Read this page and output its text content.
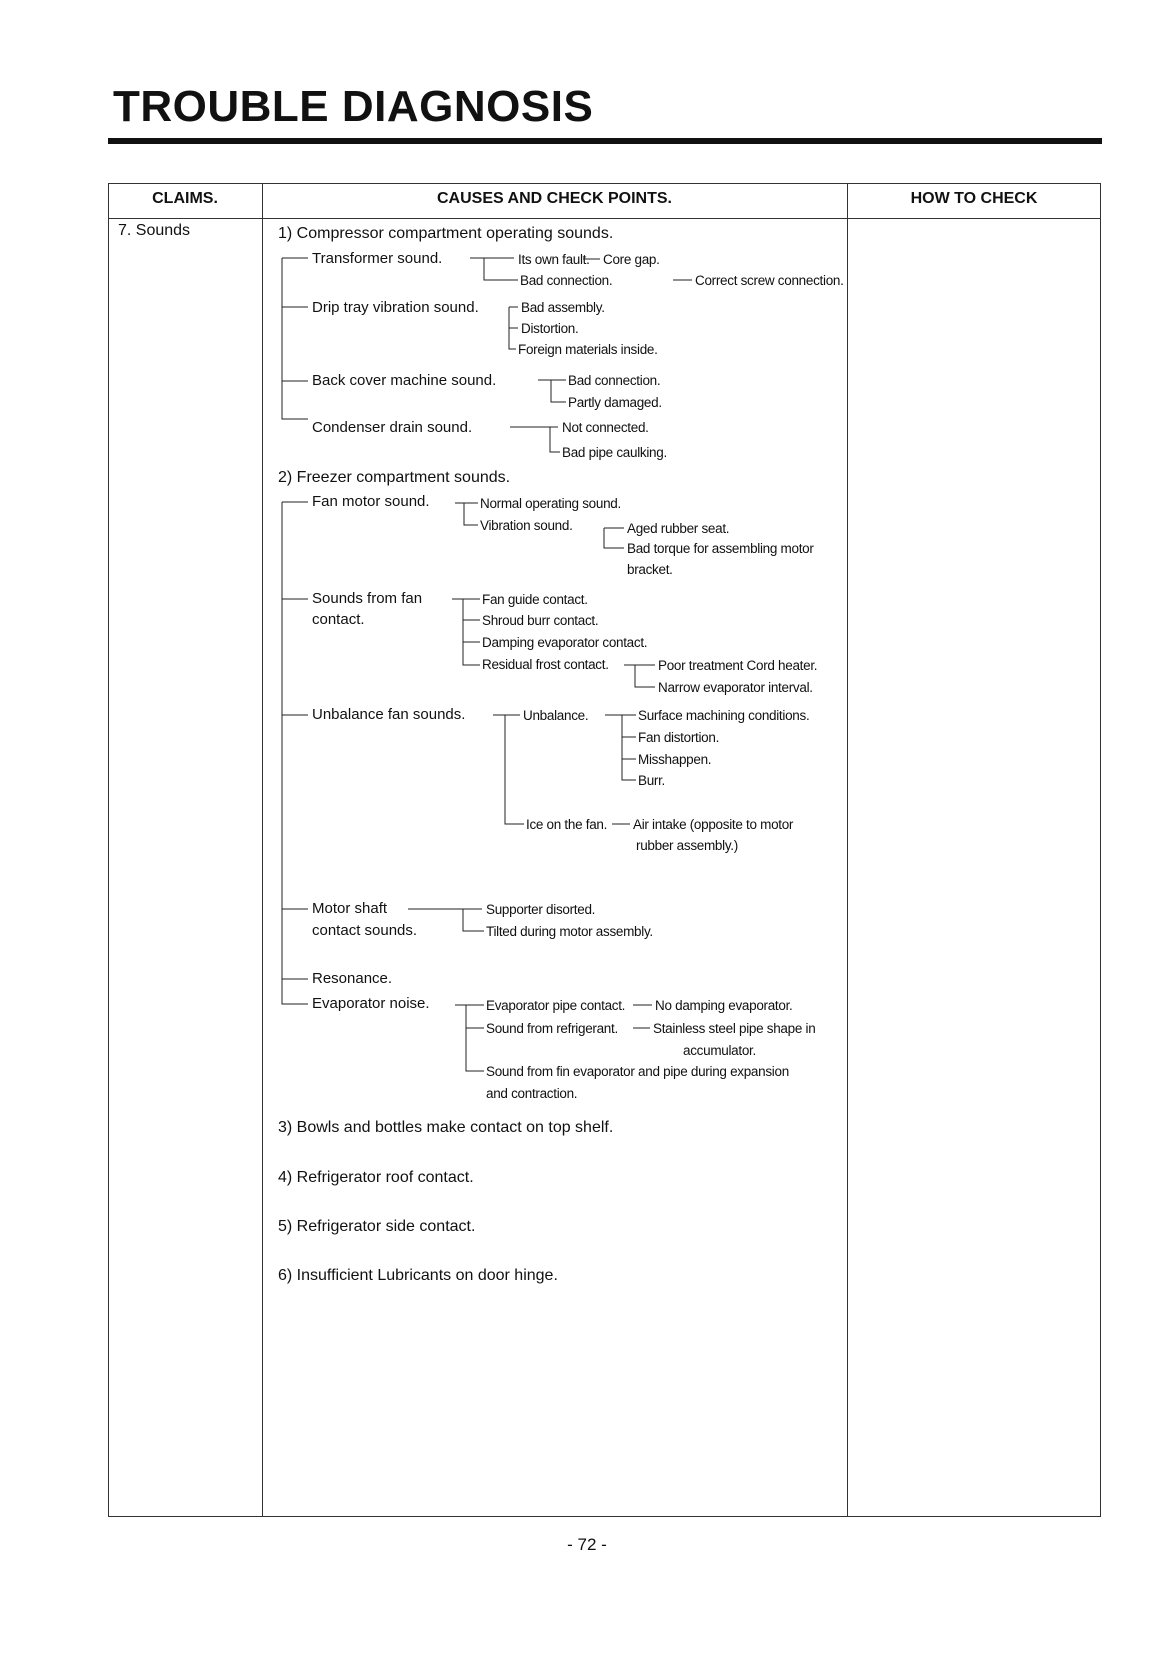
TROUBLE DIAGNOSIS
CLAIMS.	CAUSES AND CHECK POINTS.	HOW TO CHECK
7. Sounds	1) Compressor compartment operating sounds.
Transformer sound.	Its own fault. Core gap.
Bad connection.	Correct screw connection.
Drip tray vibration sound.	Bad assembly.
Distortion.
Foreign materials inside.
Back cover machine sound.	Bad connection.
Partly damaged.
Condenser drain sound.	Not connected.
Bad pipe caulking.
2) Freezer compartment sounds.
Fan motor sound.	Normal operating sound.
Vibration sound.	Aged rubber seat.
Bad torque for assembling motor
bracket.
Sounds from fan
contact.
Fan guide contact.
Shroud burr contact.
Damping evaporator contact.
Residual frost contact.	Poor treatment Cord heater.
Narrow evaporator interval.
Unbalance fan sounds.	Unbalance.	Surface machining conditions.
Fan distortion.
Misshappen.
Burr.
Ice on the fan. Air intake (opposite to motor
rubber assembly.)
Motor shaft
contact sounds.
Supporter disorted.
Tilted during motor assembly.
Resonance.
Evaporator noise.	Evaporator pipe contact. No damping evaporator.
Sound from refrigerant.	Stainless steel pipe shape in
accumulator.
Sound from fin evaporator and pipe during expansion
and contraction.
3) Bowls and bottles make contact on top shelf.
4) Refrigerator roof contact.
5) Refrigerator side contact.
6) Insufficient Lubricants on door hinge.
- 72 -
